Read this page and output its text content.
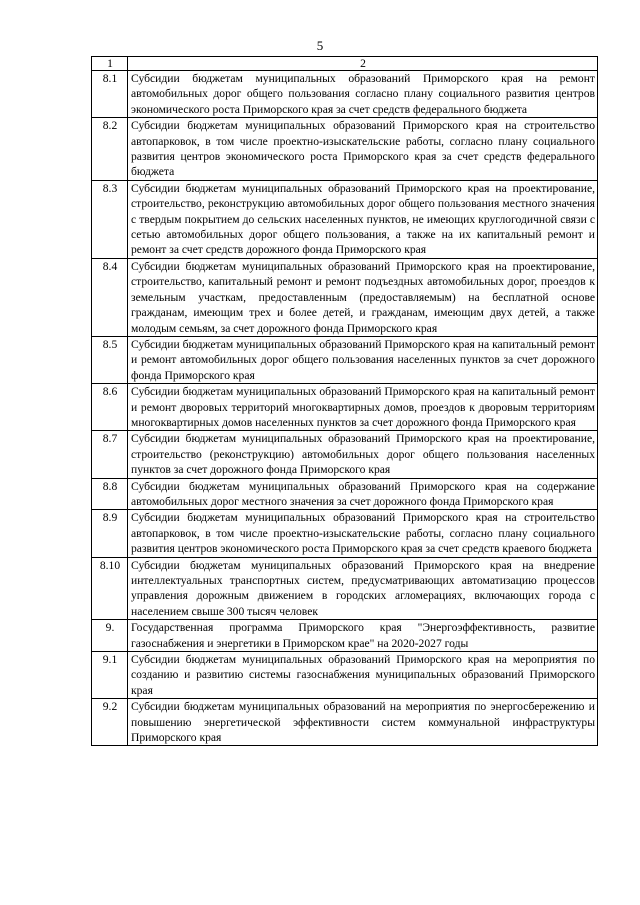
5
1	2
8.1	Субсидии бюджетам муниципальных образований Приморского края на ремонт автомобильных дорог общего пользования согласно плану социального развития центров экономического роста Приморского края за счет средств федерального бюджета
8.2	Субсидии бюджетам муниципальных образований Приморского края на строительство автопарковок, в том числе проектно-изыскательские работы, согласно плану социального развития центров экономического роста Приморского края за счет средств федерального бюджета
8.3	Субсидии бюджетам муниципальных образований Приморского края на проектирование, строительство, реконструкцию автомобильных дорог общего пользования местного значения с твердым покрытием до сельских населенных пунктов, не имеющих круглогодичной связи с сетью автомобильных дорог общего пользования, а также на их капитальный ремонт и ремонт за счет средств дорожного фонда Приморского края
8.4	Субсидии бюджетам муниципальных образований Приморского края на проектирование, строительство, капитальный ремонт и ремонт подъездных автомобильных дорог, проездов к земельным участкам, предоставленным (предоставляемым) на бесплатной основе гражданам, имеющим трех и более детей, и гражданам, имеющим двух детей, а также молодым семьям, за счет дорожного фонда Приморского края
8.5	Субсидии бюджетам муниципальных образований Приморского края на капитальный ремонт и ремонт автомобильных дорог общего пользования населенных пунктов за счет дорожного фонда Приморского края
8.6	Субсидии бюджетам муниципальных образований Приморского края на капитальный ремонт и ремонт дворовых территорий многоквартирных домов, проездов к дворовым территориям многоквартирных домов населенных пунктов за счет дорожного фонда Приморского края
8.7	Субсидии бюджетам муниципальных образований Приморского края на проектирование, строительство (реконструкцию) автомобильных дорог общего пользования населенных пунктов за счет дорожного фонда Приморского края
8.8	Субсидии бюджетам муниципальных образований Приморского края на содержание автомобильных дорог местного значения за счет дорожного фонда Приморского края
8.9	Субсидии бюджетам муниципальных образований Приморского края на строительство автопарковок, в том числе проектно-изыскательские работы, согласно плану социального развития центров экономического роста Приморского края за счет средств краевого бюджета
8.10	Субсидии бюджетам муниципальных образований Приморского края на внедрение интеллектуальных транспортных систем, предусматривающих автоматизацию процессов управления дорожным движением в городских агломерациях, включающих города с населением свыше 300 тысяч человек
9.	Государственная программа Приморского края "Энергоэффективность, развитие газоснабжения и энергетики в Приморском крае" на 2020-2027 годы
9.1	Субсидии бюджетам муниципальных образований Приморского края на мероприятия по созданию и развитию системы газоснабжения муниципальных образований Приморского края
9.2	Субсидии бюджетам муниципальных образований на мероприятия по энергосбережению и повышению энергетической эффективности систем коммунальной инфраструктуры Приморского края
